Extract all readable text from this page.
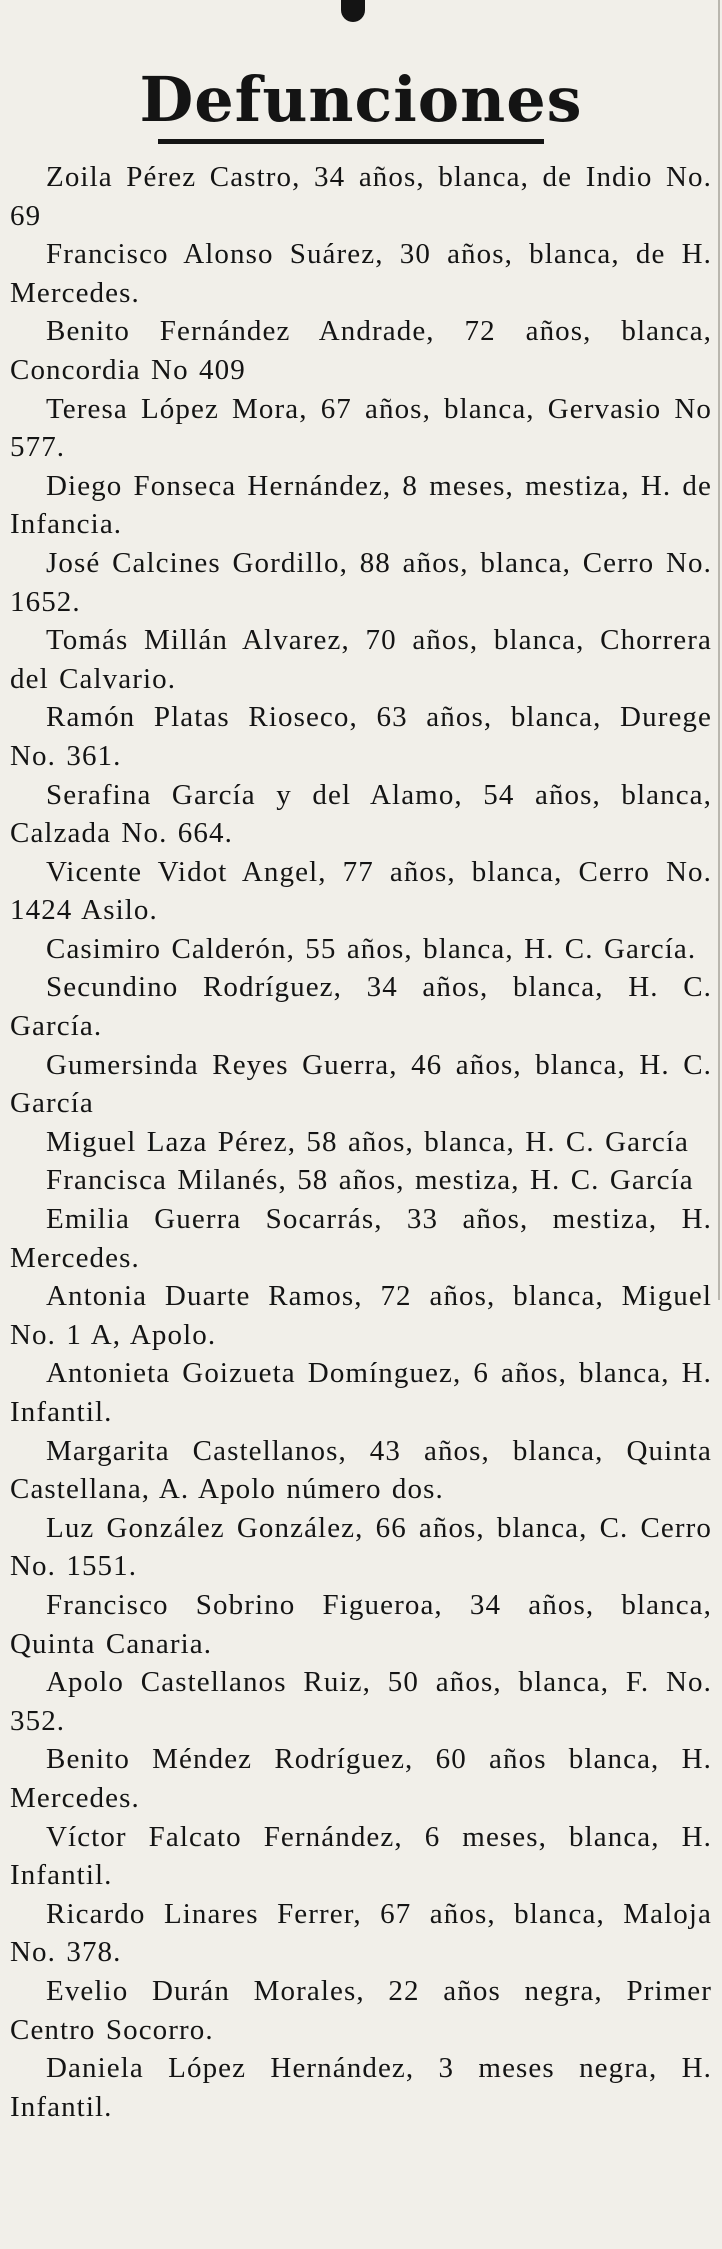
Defunciones

Zoila Pérez Castro, 34 años, blanca, de Indio No. 69

Francisco Alonso Suárez, 30 años, blanca, de H. Mercedes.

Benito Fernández Andrade, 72 años, blanca, Concordia No 409

Teresa López Mora, 67 años, blanca, Gervasio No 577.

Diego Fonseca Hernández, 8 meses, mestiza, H. de Infancia.

José Calcines Gordillo, 88 años, blanca, Cerro No. 1652.

Tomás Millán Alvarez, 70 años, blanca, Chorrera del Calvario.

Ramón Platas Rioseco, 63 años, blanca, Durege No. 361.

Serafina García y del Alamo, 54 años, blanca, Calzada No. 664.

Vicente Vidot Angel, 77 años, blanca, Cerro No. 1424 Asilo.

Casimiro Calderón, 55 años, blanca, H. C. García.

Secundino Rodríguez, 34 años, blanca, H. C. García.

Gumersinda Reyes Guerra, 46 años, blanca, H. C. García

Miguel Laza Pérez, 58 años, blanca, H. C. García

Francisca Milanés, 58 años, mestiza, H. C. García

Emilia Guerra Socarrás, 33 años, mestiza, H. Mercedes.

Antonia Duarte Ramos, 72 años, blanca, Miguel No. 1 A, Apolo.

Antonieta Goizueta Domínguez, 6 años, blanca, H. Infantil.

Margarita Castellanos, 43 años, blanca, Quinta Castellana, A. Apolo número dos.

Luz González González, 66 años, blanca, C. Cerro No. 1551.

Francisco Sobrino Figueroa, 34 años, blanca, Quinta Canaria.

Apolo Castellanos Ruiz, 50 años, blanca, F. No. 352.

Benito Méndez Rodríguez, 60 años blanca, H. Mercedes.

Víctor Falcato Fernández, 6 meses, blanca, H. Infantil.

Ricardo Linares Ferrer, 67 años, blanca, Maloja No. 378.

Evelio Durán Morales, 22 años negra, Primer Centro Socorro.

Daniela López Hernández, 3 meses negra, H. Infantil.
